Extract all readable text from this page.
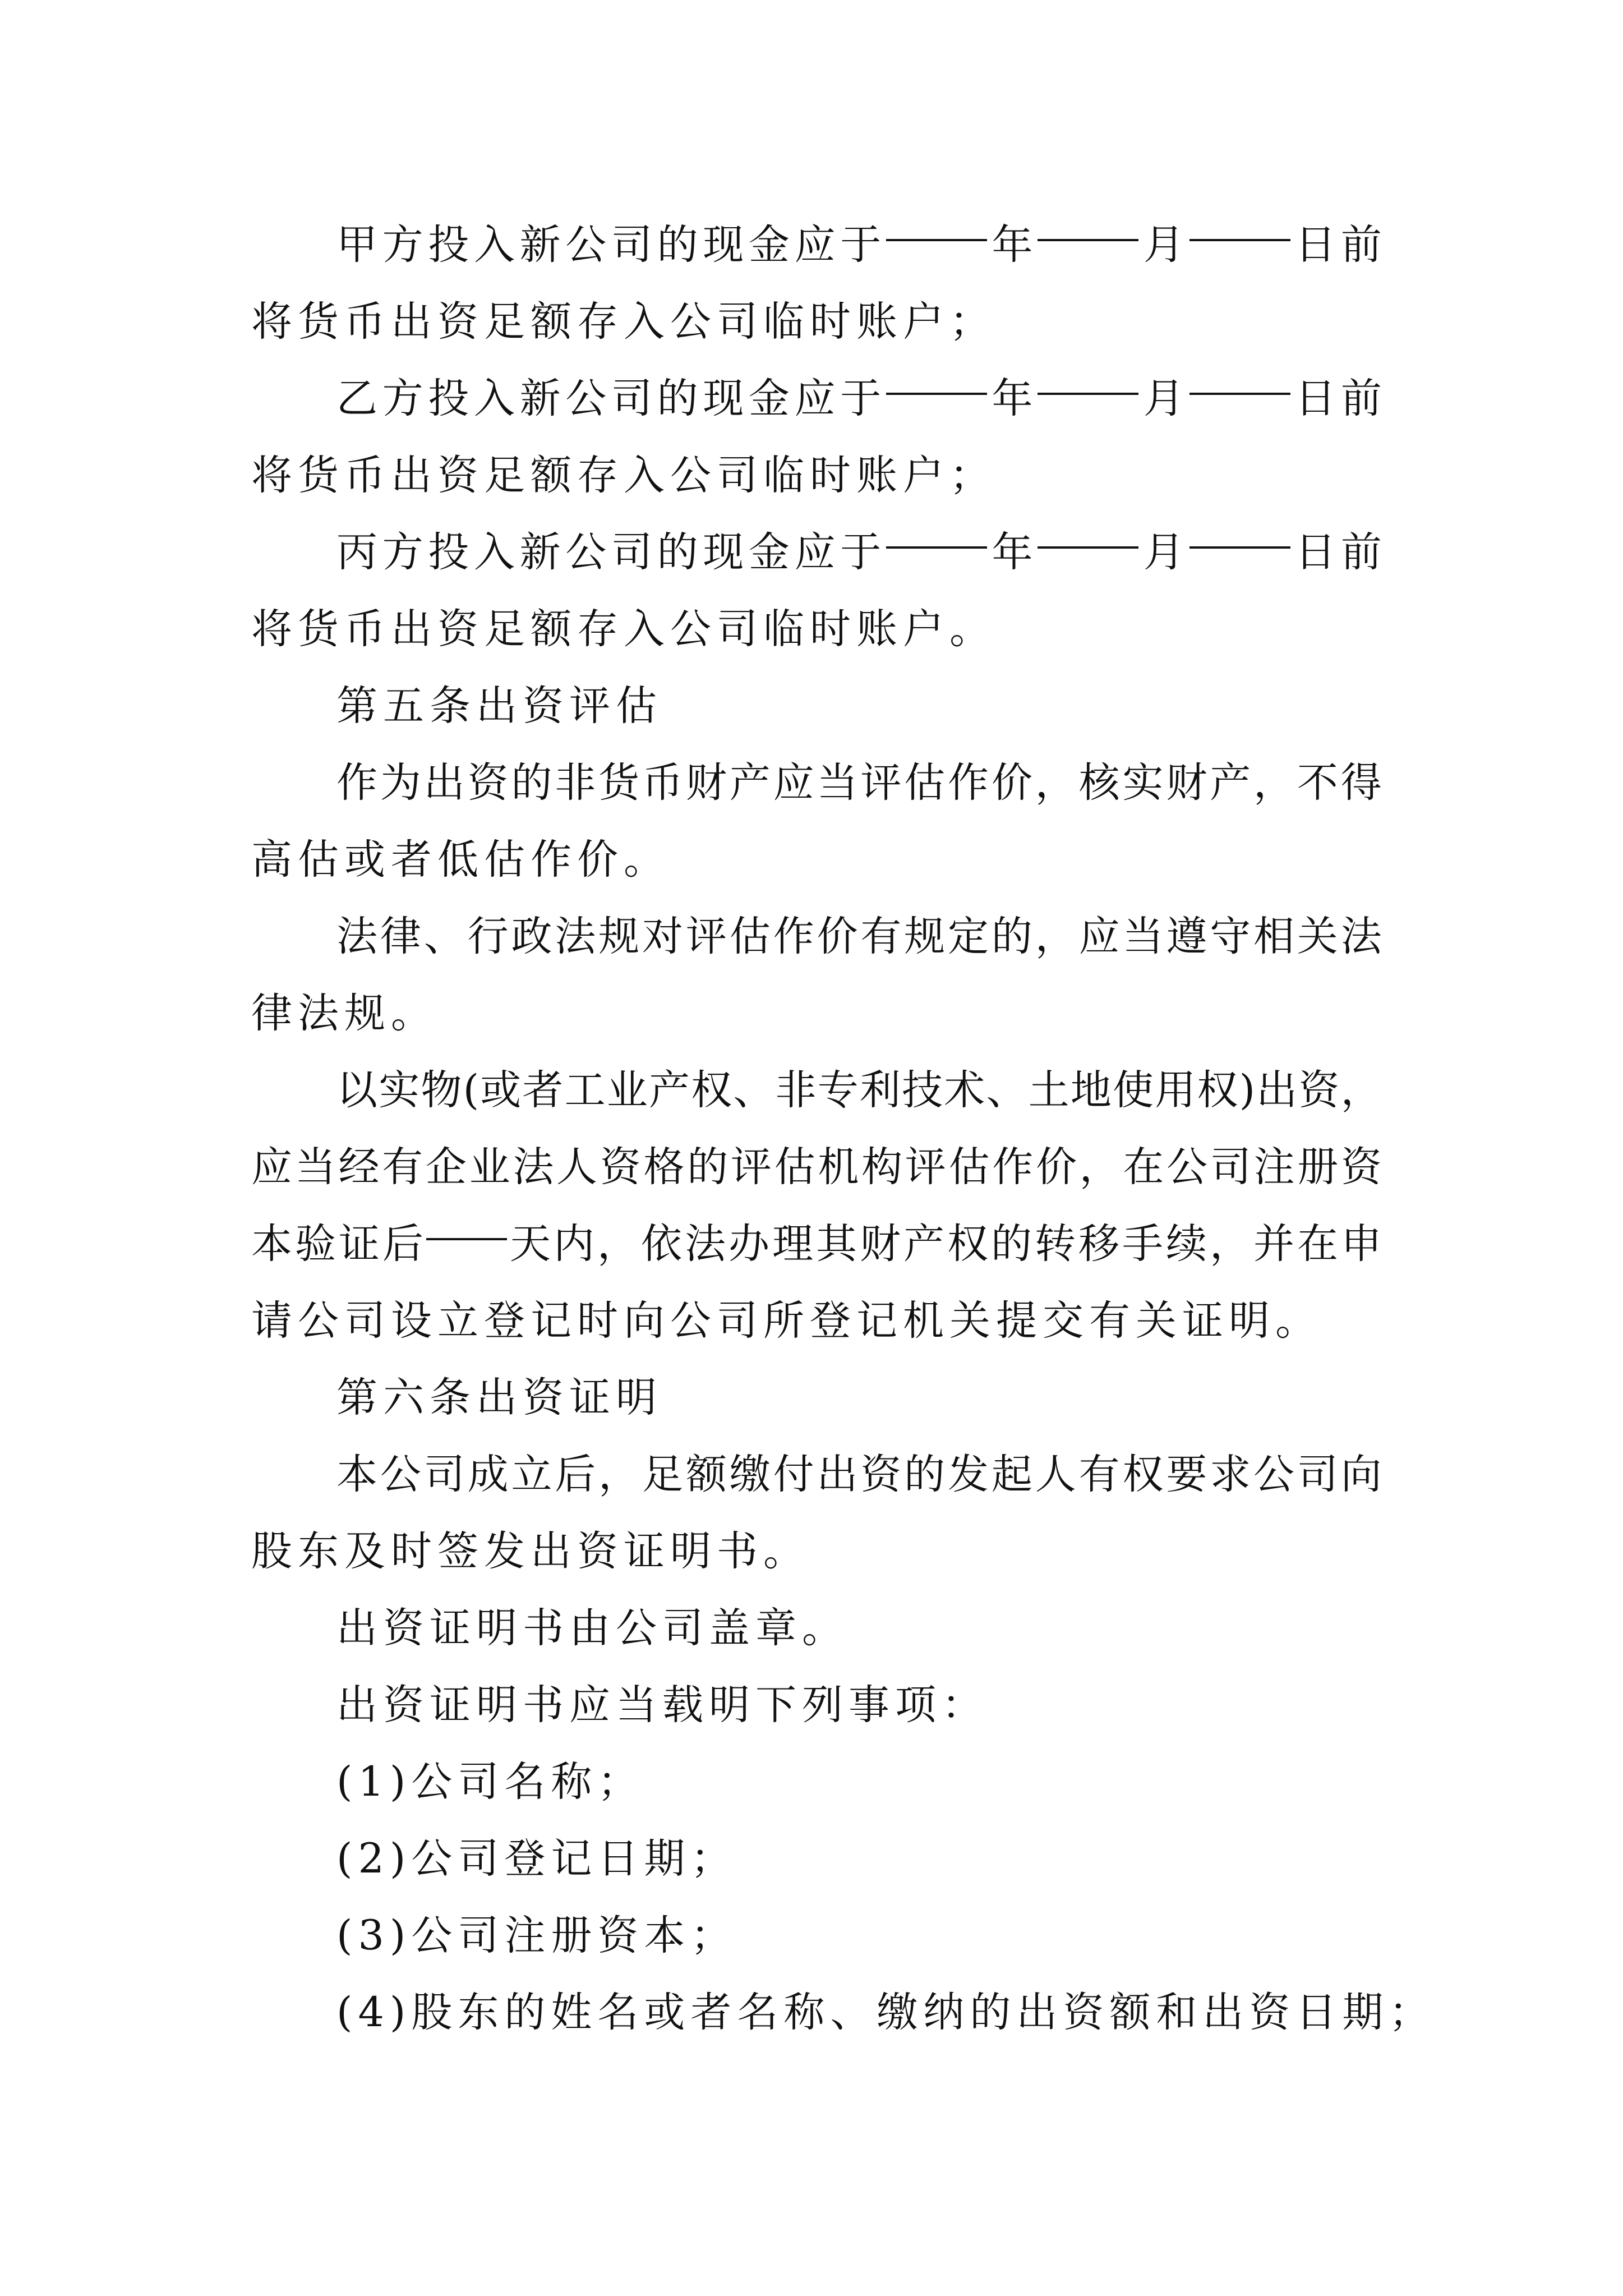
甲 方 投 入 新 公 司 的 现 金 应 于	年	月	日 前
将货币出资足额存入公司临时账户；
乙 方 投 入 新 公 司 的 现 金 应 于	年	月	日 前
将货币出资足额存入公司临时账户；
丙 方 投 入 新 公 司 的 现 金 应 于	年	月	日 前
将货币出资足额存入公司临时账户。
第五条出资评估
作 为 出 资 的 非 货 币 财 产 应 当 评 估 作 价 ， 核 实 财 产 ， 不 得
高估或者低估作价。
法 律 、 行 政 法 规 对 评 估 作 价 有 规 定 的 ， 应 当 遵 守 相 关 法
律法规。
以 实 物 ( 或 者 工 业 产 权 、 非 专 利 技 术 、 土 地 使 用 权 ) 出 资 ，
应 当 经 有 企 业 法 人 资 格 的 评 估 机 构 评 估 作 价 ， 在 公 司 注 册 资
本 验 证 后 天 内 ， 依 法 办 理 其 财 产 权 的 转 移 手 续 ， 并 在 申
请公司设立登记时向公司所登记机关提交有关证明。
第六条出资证明
本 公 司 成 立 后 ， 足 额 缴 付 出 资 的 发 起 人 有 权 要 求 公 司 向
股东及时签发出资证明书。
出资证明书由公司盖章。
出资证明书应当载明下列事项：
(1)公司名称；
(2)公司登记日期；
(3)公司注册资本；
(4)股东的姓名或者名称、缴纳的出资额和出资日期；
